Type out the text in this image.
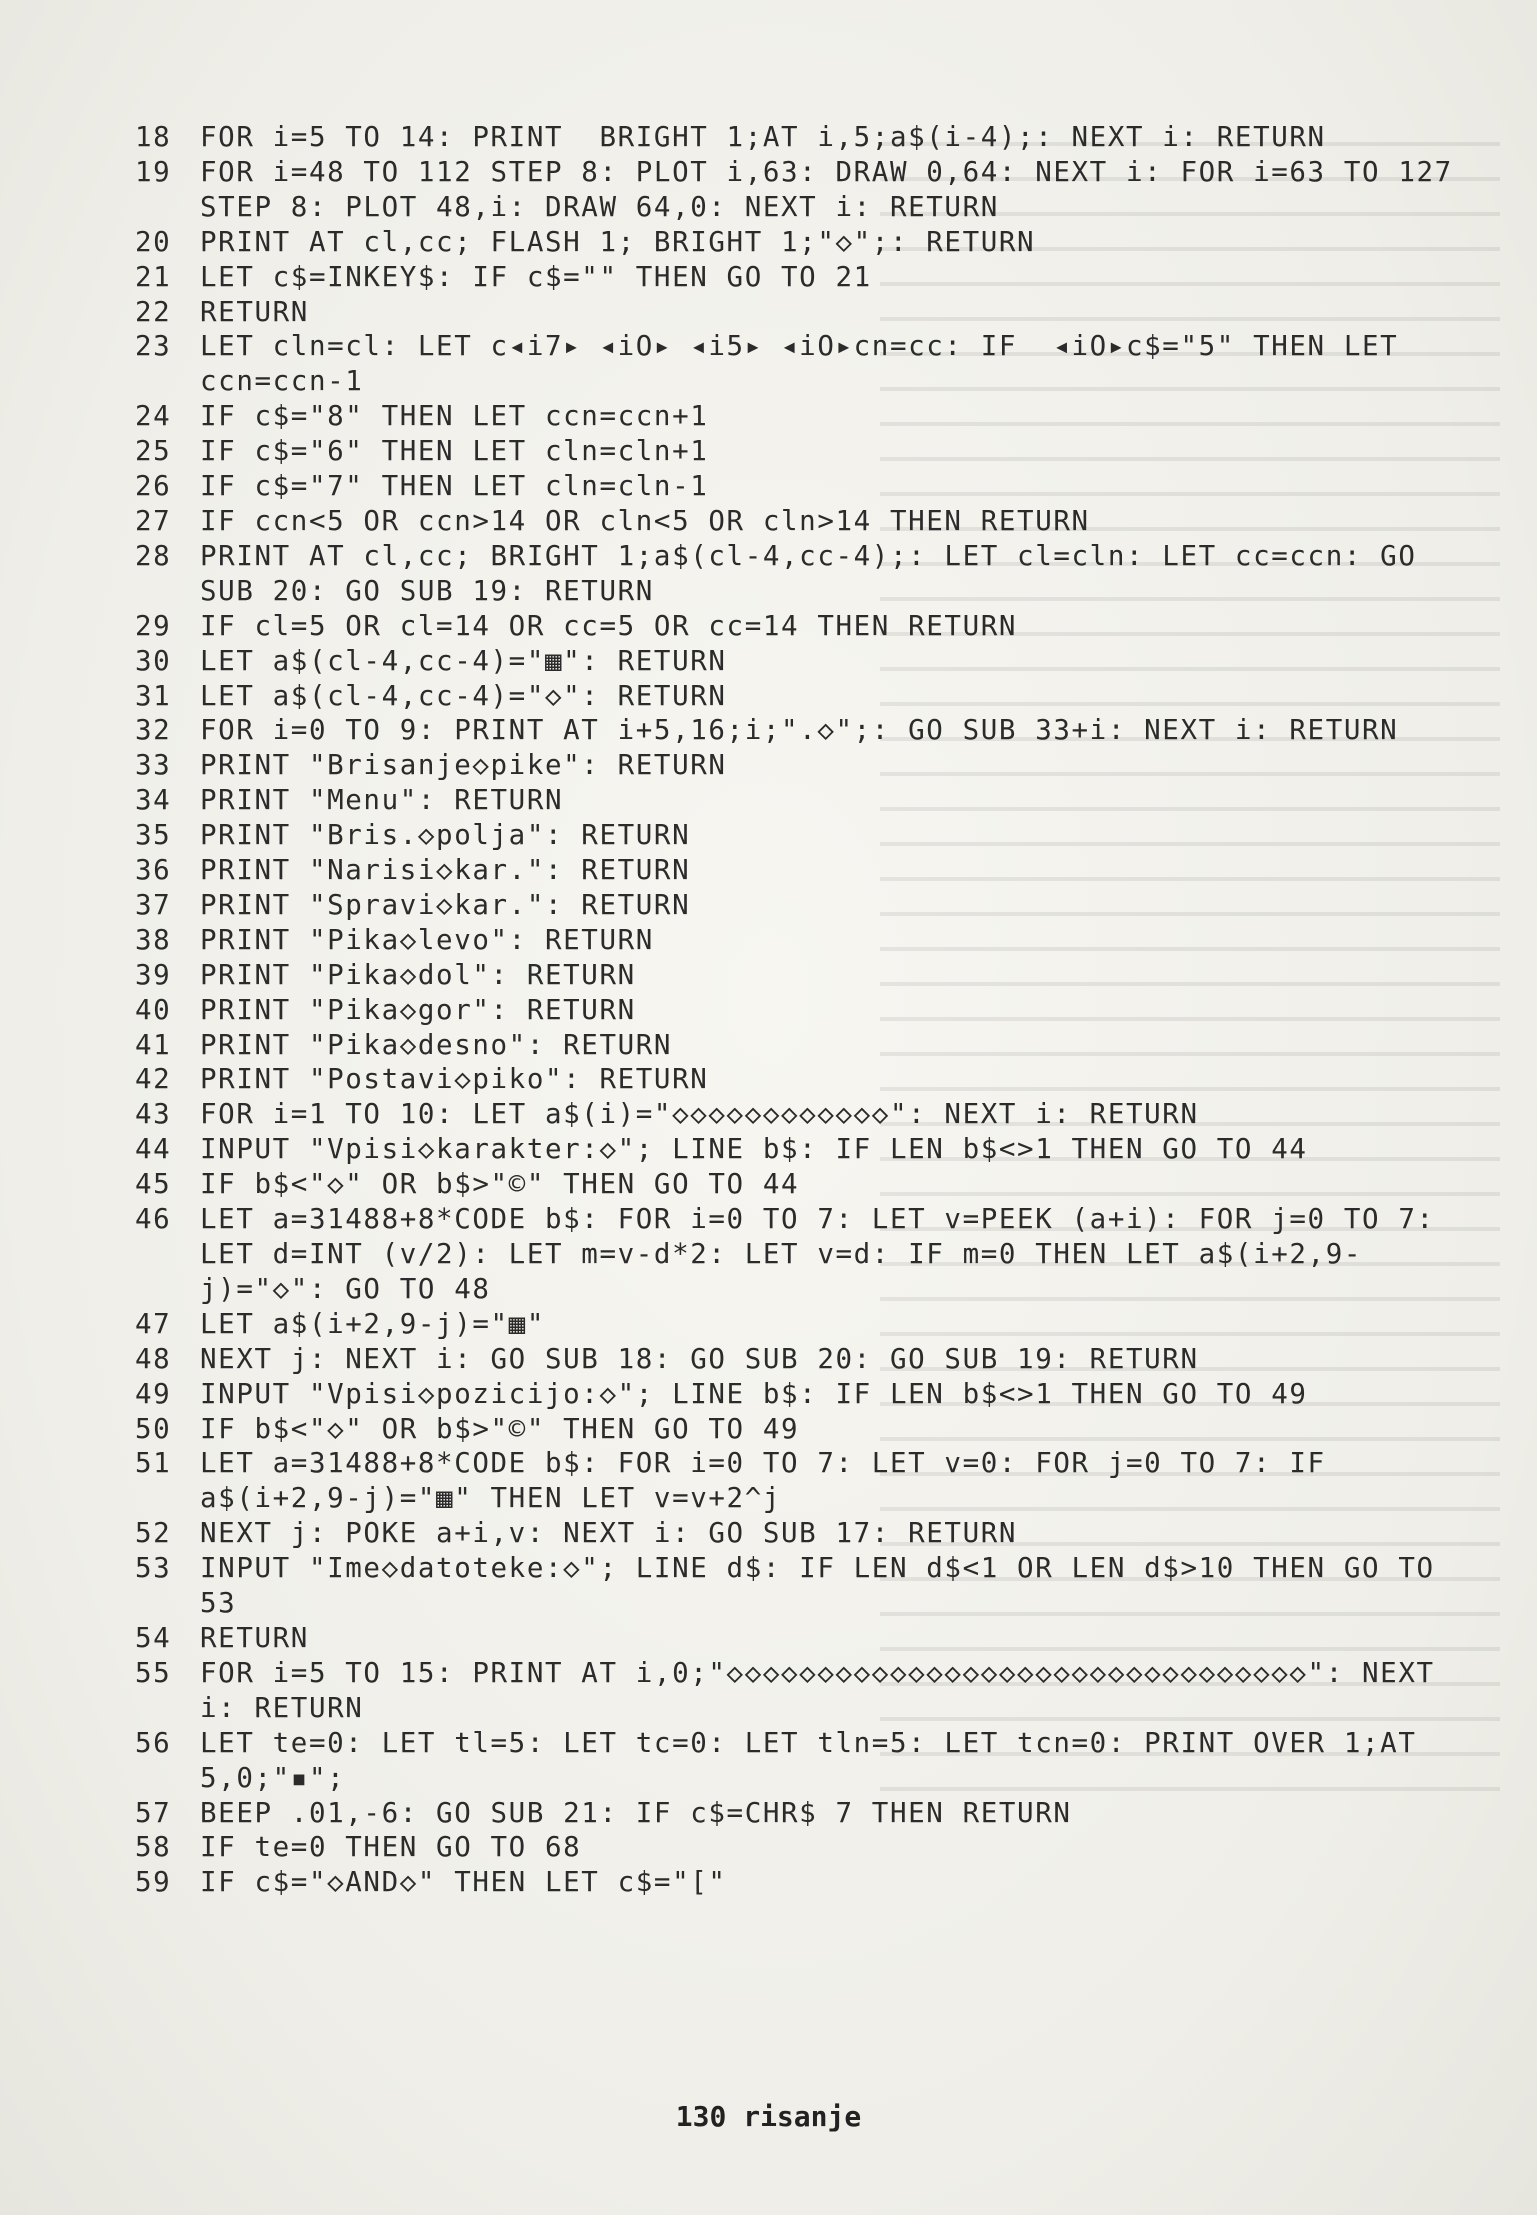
18	FOR i=5 TO 14: PRINT  BRIGHT 1;AT i,5;a$(i-4);: NEXT i: RETURN
19	FOR i=48 TO 112 STEP 8: PLOT i,63: DRAW 0,64: NEXT i: FOR i=63 TO 127 STEP 8: PLOT 48,i: DRAW 64,0: NEXT i: RETURN
20	PRINT AT cl,cc; FLASH 1; BRIGHT 1;"◇";: RETURN
21	LET c$=INKEY$: IF c$="" THEN GO TO 21
22	RETURN
23	LET cln=cl: LET c◂i7▸ ◂iO▸ ◂i5▸ ◂iO▸cn=cc: IF  ◂iO▸c$="5" THEN LET ccn=ccn-1
24	IF c$="8" THEN LET ccn=ccn+1
25	IF c$="6" THEN LET cln=cln+1
26	IF c$="7" THEN LET cln=cln-1
27	IF ccn<5 OR ccn>14 OR cln<5 OR cln>14 THEN RETURN
28	PRINT AT cl,cc; BRIGHT 1;a$(cl-4,cc-4);: LET cl=cln: LET cc=ccn: GO SUB 20: GO SUB 19: RETURN
29	IF cl=5 OR cl=14 OR cc=5 OR cc=14 THEN RETURN
30	LET a$(cl-4,cc-4)="▦": RETURN
31	LET a$(cl-4,cc-4)="◇": RETURN
32	FOR i=0 TO 9: PRINT AT i+5,16;i;".◇";: GO SUB 33+i: NEXT i: RETURN
33	PRINT "Brisanje◇pike": RETURN
34	PRINT "Menu": RETURN
35	PRINT "Bris.◇polja": RETURN
36	PRINT "Narisi◇kar.": RETURN
37	PRINT "Spravi◇kar.": RETURN
38	PRINT "Pika◇levo": RETURN
39	PRINT "Pika◇dol": RETURN
40	PRINT "Pika◇gor": RETURN
41	PRINT "Pika◇desno": RETURN
42	PRINT "Postavi◇piko": RETURN
43	FOR i=1 TO 10: LET a$(i)="◇◇◇◇◇◇◇◇◇◇◇◇": NEXT i: RETURN
44	INPUT "Vpisi◇karakter:◇"; LINE b$: IF LEN b$<>1 THEN GO TO 44
45	IF b$<"◇" OR b$>"©" THEN GO TO 44
46	LET a=31488+8*CODE b$: FOR i=0 TO 7: LET v=PEEK (a+i): FOR j=0 TO 7: LET d=INT (v/2): LET m=v-d*2: LET v=d: IF m=0 THEN LET a$(i+2,9-j)="◇": GO TO 48
47	LET a$(i+2,9-j)="▦"
48	NEXT j: NEXT i: GO SUB 18: GO SUB 20: GO SUB 19: RETURN
49	INPUT "Vpisi◇pozicijo:◇"; LINE b$: IF LEN b$<>1 THEN GO TO 49
50	IF b$<"◇" OR b$>"©" THEN GO TO 49
51	LET a=31488+8*CODE b$: FOR i=0 TO 7: LET v=0: FOR j=0 TO 7: IF a$(i+2,9-j)="▦" THEN LET v=v+2^j
52	NEXT j: POKE a+i,v: NEXT i: GO SUB 17: RETURN
53	INPUT "Ime◇datoteke:◇"; LINE d$: IF LEN d$<1 OR LEN d$>10 THEN GO TO 53
54	RETURN
55	FOR i=5 TO 15: PRINT AT i,0;"◇◇◇◇◇◇◇◇◇◇◇◇◇◇◇◇◇◇◇◇◇◇◇◇◇◇◇◇◇◇◇◇": NEXT i: RETURN
56	LET te=0: LET tl=5: LET tc=0: LET tln=5: LET tcn=0: PRINT OVER 1;AT 5,0;"▪";
57	BEEP .01,-6: GO SUB 21: IF c$=CHR$ 7 THEN RETURN
58	IF te=0 THEN GO TO 68
59	IF c$="◇AND◇" THEN LET c$="["
130 risanje
